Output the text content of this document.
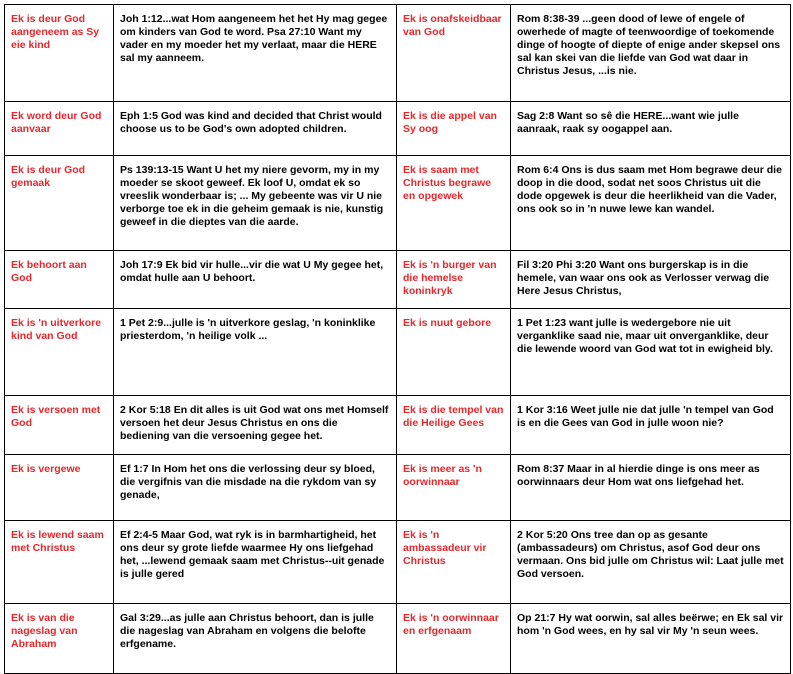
Ek is deur God aangeneem as Sy eie kind	Joh 1:12...wat Hom aangeneem het het Hy mag gegee om kinders van God te word. Psa 27:10 Want my vader en my moeder het my verlaat, maar die HERE sal my aanneem.	Ek is onafskeidbaar van God	Rom 8:38-39 ...geen dood of lewe of engele of owerhede of magte of teenwoordige of toekomende dinge of hoogte of diepte of enige ander skepsel ons sal kan skei van die liefde van God wat daar in Christus Jesus, ...is nie.
Ek word deur God aanvaar	Eph 1:5 God was kind and decided that Christ would choose us to be God's own adopted children.	Ek is die appel van Sy oog	Sag 2:8 Want so sê die HERE...want wie julle aanraak, raak sy oogappel aan.
Ek is deur God gemaak	Ps 139:13-15 Want U het my niere gevorm, my in my moeder se skoot geweef. Ek loof U, omdat ek so vreeslik wonderbaar is; ... My gebeente was vir U nie verborge toe ek in die geheim gemaak is nie, kunstig geweef in die dieptes van die aarde.	Ek is saam met Christus begrawe en opgewek	Rom 6:4 Ons is dus saam met Hom begrawe deur die doop in die dood, sodat net soos Christus uit die dode opgewek is deur die heerlikheid van die Vader, ons ook so in 'n nuwe lewe kan wandel.
Ek behoort aan God	Joh 17:9 Ek bid vir hulle...vir die wat U My gegee het, omdat hulle aan U behoort.	Ek is 'n burger van die hemelse koninkryk	Fil 3:20 Phi 3:20 Want ons burgerskap is in die hemele, van waar ons ook as Verlosser verwag die Here Jesus Christus,
Ek is 'n uitverkore kind van God	1 Pet 2:9...julle is 'n uitverkore geslag, 'n koninklike priesterdom, 'n heilige volk ...	Ek is nuut gebore	1 Pet 1:23 want julle is wedergebore nie uit verganklike saad nie, maar uit onverganklike, deur die lewende woord van God wat tot in ewigheid bly.
Ek is versoen met God	2 Kor 5:18 En dit alles is uit God wat ons met Homself versoen het deur Jesus Christus en ons die bediening van die versoening gegee het.	Ek is die tempel van die Heilige Gees	1 Kor 3:16 Weet julle nie dat julle 'n tempel van God is en die Gees van God in julle woon nie?
Ek is vergewe	Ef 1:7 In Hom het ons die verlossing deur sy bloed, die vergifnis van die misdade na die rykdom van sy genade,	Ek is meer as 'n oorwinnaar	Rom 8:37 Maar in al hierdie dinge is ons meer as oorwinnaars deur Hom wat ons liefgehad het.
Ek is lewend saam met Christus	Ef 2:4-5 Maar God, wat ryk is in barmhartigheid, het ons deur sy grote liefde waarmee Hy ons liefgehad het, ...lewend gemaak saam met Christus--uit genade is julle gered	Ek is 'n ambassadeur vir Christus	2 Kor 5:20 Ons tree dan op as gesante (ambassadeurs) om Christus, asof God deur ons vermaan. Ons bid julle om Christus wil: Laat julle met God versoen.
Ek is van die nageslag van Abraham	Gal 3:29...as julle aan Christus behoort, dan is julle die nageslag van Abraham en volgens die belofte erfgename.	Ek is 'n oorwinnaar en erfgenaam	Op 21:7 Hy wat oorwin, sal alles beërwe; en Ek sal vir hom 'n God wees, en hy sal vir My 'n seun wees.
